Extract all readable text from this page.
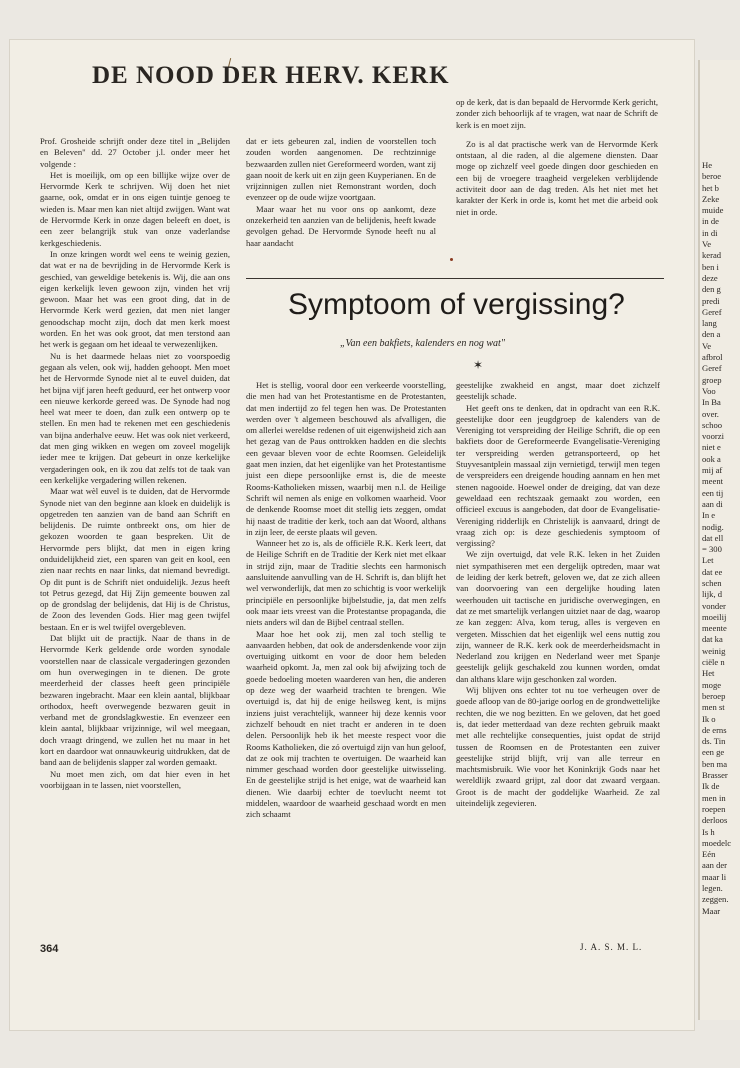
DE NOOD DER HERV. KERK

Prof. Grosheide schrijft onder deze titel in „Belijden en Beleven" dd. 27 October j.l. onder meer het volgende :

Het is moeilijk, om op een billijke wijze over de Hervormde Kerk te schrijven. Wij doen het niet gaarne, ook, omdat er in ons eigen tuintje genoeg te wieden is. Maar men kan niet altijd zwijgen. Want wat de Hervormde Kerk in onze dagen beleeft en doet, is een zeer belangrijk stuk van onze vaderlandse kerkgeschiedenis.

In onze kringen wordt wel eens te weinig gezien, dat wat er na de bevrijding in de Hervormde Kerk is geschied, van geweldige betekenis is. Wij, die aan ons eigen kerkelijk leven gewoon zijn, vinden het vrij gewoon. Maar het was een groot ding, dat in de Hervormde Kerk werd gezien, dat men niet langer genoodschap mocht zijn, doch dat men kerk moest worden. En het was ook groot, dat men terstond aan het werk is gegaan om het ideaal te verwezenlijken.

Nu is het daarmede helaas niet zo voorspoedig gegaan als velen, ook wij, hadden gehoopt. Men moet het de Hervormde Synode niet al te euvel duiden, dat het bijna vijf jaren heeft geduurd, eer het ontwerp voor een nieuwe kerkorde gereed was. De Synode had nog heel wat meer te doen, dan zulk een ontwerp op te stellen. En men had te rekenen met een geschiedenis van bijna anderhalve eeuw. Het was ook niet verkeerd, dat men ging wikken en wegen om zoveel mogelijk ieder mee te krijgen. Dat gebeurt in onze kerkelijke vergaderingen ook, en ik zou dat zelfs tot de taak van een kerkelijke vergadering willen rekenen.

Maar wat wèl euvel is te duiden, dat de Hervormde Synode niet van den beginne aan kloek en duidelijk is opgetreden ten aanzien van de band aan Schrift en belijdenis. De ruimte ontbreekt ons, om hier de gekozen woorden te gaan bespreken. Uit de Hervormde pers blijkt, dat men in eigen kring onduidelijkheid ziet, een sparen van geit en kool, een zien naar rechts en naar links, dat niemand bevredigt. Op dit punt is de Schrift niet onduidelijk. Jezus heeft tot Petrus gezegd, dat Hij Zijn gemeente bouwen zal op de grondslag der belijdenis, dat Hij is de Christus, de Zoon des levenden Gods. Hier mag geen twijfel bestaan. En er is wel twijfel overgebleven.

Dat blijkt uit de practijk. Naar de thans in de Hervormde Kerk geldende orde worden synodale voorstellen naar de classicale vergaderingen gezonden om hun overwegingen in te dienen. De grote meerderheid der classes heeft geen principiële bezwaren ingebracht. Maar een klein aantal, blijkbaar orthodox, heeft overwegende bezwaren geuit in verband met de grondslagkwestie. En evenzeer een klein aantal, blijkbaar vrijzinnige, wil wel meegaan, doch vraagt dringend, we zullen het nu maar in het kort en daardoor wat onnauwkeurig uitdrukken, dat de band aan de belijdenis slapper zal worden gemaakt.

Nu moet men zich, om dat hier even in het voorbijgaan in te lassen, niet voorstellen,

dat er iets gebeuren zal, indien de voorstellen toch zouden worden aangenomen. De rechtzinnige bezwaarden zullen niet Gereformeerd worden, want zij gaan nooit de kerk uit en zijn geen Kuyperianen. En de vrijzinnigen zullen niet Remonstrant worden, doch evenzeer op de oude wijze voortgaan.

Maar waar het nu voor ons op aankomt, deze onzekerheid ten aanzien van de belijdenis, heeft kwade gevolgen gehad. De Hervormde Synode heeft nu al haar aandacht

op de kerk, dat is dan bepaald de Hervormde Kerk gericht, zonder zich behoorlijk af te vragen, wat naar de Schrift de kerk is en moet zijn.

Zo is al dat practische werk van de Hervormde Kerk ontstaan, al die raden, al die algemene diensten. Daar moge op zichzelf veel goede dingen door geschieden en een bij de vroegere traagheid vergeleken verblijdende activiteit door aan de dag treden. Als het niet met het karakter der Kerk in orde is, komt het met die arbeid ook niet in orde.

Symptoom of vergissing?
„Van een bakfiets, kalenders en nog wat"
✶

Het is stellig, vooral door een verkeerde voorstelling, die men had van het Protestantisme en de Protestanten, dat men indertijd zo fel tegen hen was. De Protestanten werden over 't algemeen beschouwd als afvalligen, die om allerlei wereldse redenen of uit eigenwijsheid zich aan het gezag van de Paus onttrokken hadden en die slechts een gevaar bleven voor de echte Roomsen. Geleidelijk gaat men inzien, dat het eigenlijke van het Protestantisme juist een diepe persoonlijke ernst is, die de meeste Rooms-Katholieken missen, waarbij men n.l. de Heilige Schrift wil nemen als enige en volkomen waarheid. Voor de denkende Roomse moet dit stellig iets zeggen, omdat hij naast de traditie der kerk, toch aan dat Woord, althans in zijn leer, de eerste plaats wil geven.

Wanneer het zo is, als de officiële R.K. Kerk leert, dat de Heilige Schrift en de Traditie der Kerk niet met elkaar in strijd zijn, maar de Traditie slechts een harmonisch aansluitende aanvulling van de H. Schrift is, dan blijft het wel verwonderlijk, dat men zo schichtig is voor werkelijk principiële en persoonlijke bijbelstudie, ja, dat men zelfs ook maar iets vreest van die Protestantse propaganda, die niets anders wil dan de Bijbel centraal stellen.

Maar hoe het ook zij, men zal toch stellig te aanvaarden hebben, dat ook de andersdenkende voor zijn overtuiging uitkomt en voor de door hem beleden waarheid opkomt. Ja, men zal ook bij afwijzing toch de goede bedoeling moeten waarderen van hen, die anderen op deze weg der waarheid trachten te brengen. Wie overtuigd is, dat hij de enige heilsweg kent, is mijns inziens juist verachtelijk, wanneer hij deze kennis voor zichzelf behoudt en niet tracht er anderen in te doen delen. Persoonlijk heb ik het meeste respect voor die Rooms Katholieken, die zó overtuigd zijn van hun geloof, dat ze ook mij trachten te overtuigen. De waarheid kan nimmer geschaad worden door geestelijke uitwisseling. En de geestelijke strijd is het enige, wat de waarheid kan dienen. Wie daarbij echter de toevlucht neemt tot middelen, waardoor de waarheid geschaad wordt en men zich schaamt

geestelijke zwakheid en angst, maar doet zichzelf geestelijk schade.

Het geeft ons te denken, dat in opdracht van een R.K. geestelijke door een jeugdgroep de kalenders van de Vereniging tot verspreiding der Heilige Schrift, die op een bakfiets door de Gereformeerde Evangelisatie-Vereniging ter verspreiding werden getransporteerd, op het Stuyvesantplein massaal zijn vernietigd, terwijl men tegen de verspreiders een dreigende houding aannam en hen met stenen nagooide. Hoewel onder de dreiging, dat van deze geweldaad een rechtszaak gemaakt zou worden, een officieel excuus is aangeboden, dat door de Evangelisatie-Vereniging ridderlijk en Christelijk is aanvaard, dringt de vraag zich op: is deze geschiedenis symptoom of vergissing?

We zijn overtuigd, dat vele R.K. leken in het Zuiden niet sympathiseren met een dergelijk optreden, maar wat de leiding der kerk betreft, geloven we, dat ze zich alleen van doorvoering van een dergelijke houding laten weerhouden uit tactische en juridische overwegingen, en dat ze met smartelijk verlangen uitziet naar de dag, waarop ze kan zeggen: Alva, kom terug, alles is vergeven en vergeten. Misschien dat het eigenlijk wel eens nuttig zou zijn, wanneer de R.K. kerk ook de meerderheidsmacht in Nederland zou krijgen en Nederland weer met Spanje geestelijk gelijk geschakeld zou kunnen worden, omdat dan althans klare wijn geschonken zal worden.

Wij blijven ons echter tot nu toe verheugen over de goede afloop van de 80-jarige oorlog en de grondwettelijke rechten, die we nog bezitten. En we geloven, dat het goed is, dat ieder metterdaad van deze rechten gebruik maakt met alle rechtelijke consequenties, juist opdat de strijd tussen de Roomsen en de Protestanten een zuiver geestelijke strijd blijft, vrij van alle terreur en machtsmisbruik. Wie voor het Koninkrijk Gods naar het wereldlijk zwaard grijpt, zal door dat zwaard vergaan. Groot is de macht der goddelijke Waarheid. Ze zal uiteindelijk zegevieren.

J. A. S. M. L.
364
He
beroe
het b
Zeke
muide
in de
in di
Ve
kerad
ben i
deze
den g
predi
Geref
lang
den a
Ve
afbrol
Geref
groep
Voo
In Ba
over.
schoo
voorzi
niet e
ook a
mij af
meent
een tij
aan di
In e
nodig.
dat ell
= 300
Let
dat ee
schen
lijk, d
vonder
moeilij
meente
dat ka
weinig
ciële n
Het
moge
beroep
men st
Ik o
de erns
ds. Tin
een ge
ben ma
Brasser
Ik de
men in
roepen
derloos
Is h
moedelc
Eén
aan der
maar li
legen.
zeggen.
Maar
